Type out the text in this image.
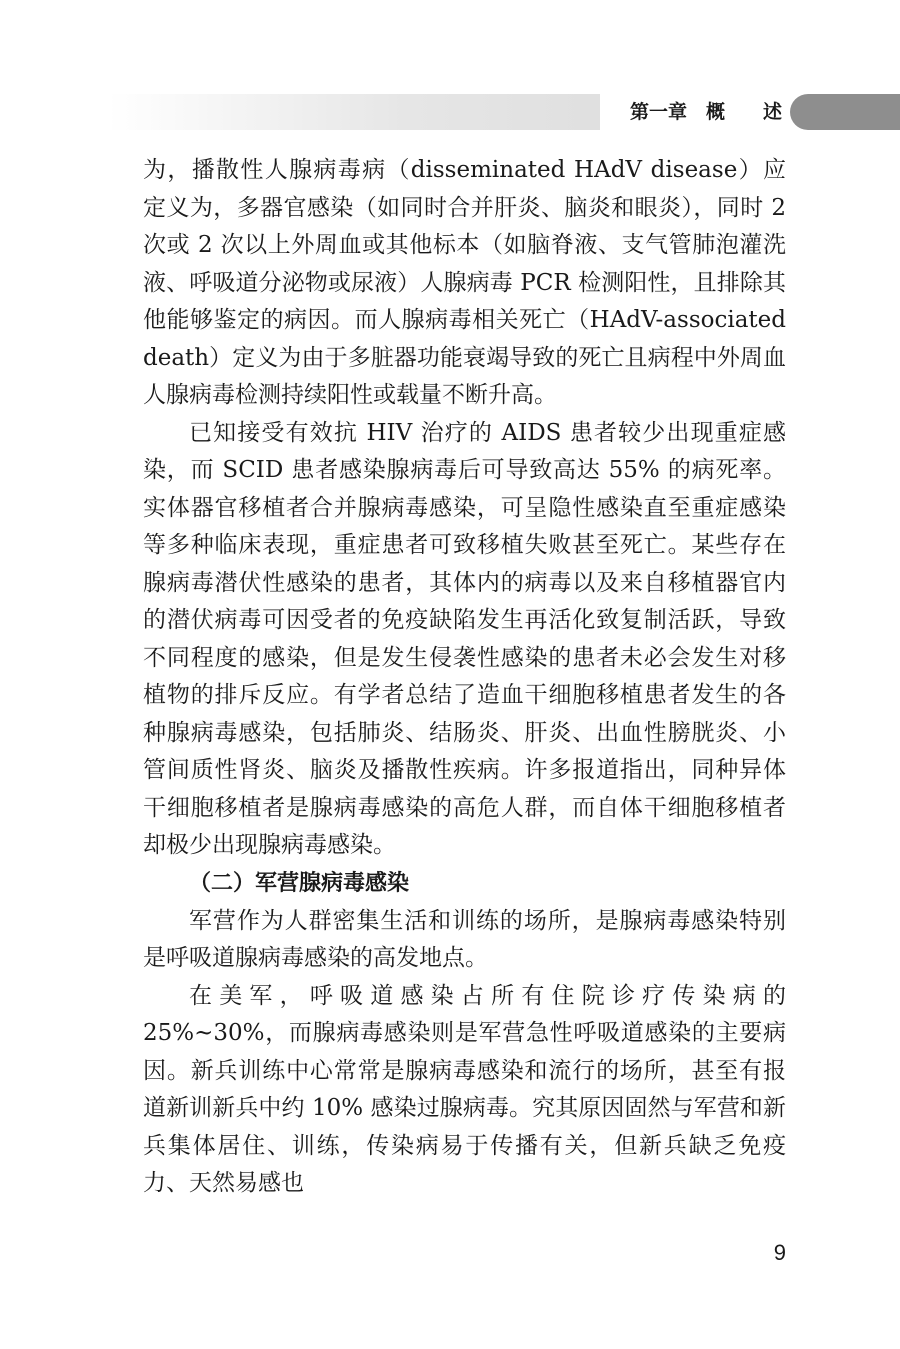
第一章　概　　述

为，播散性人腺病毒病（disseminated HAdV disease）应定义为，多器官感染（如同时合并肝炎、脑炎和眼炎），同时 2 次或 2 次以上外周血或其他标本（如脑脊液、支气管肺泡灌洗液、呼吸道分泌物或尿液）人腺病毒 PCR 检测阳性，且排除其他能够鉴定的病因。而人腺病毒相关死亡（HAdV-associated death）定义为由于多脏器功能衰竭导致的死亡且病程中外周血人腺病毒检测持续阳性或载量不断升高。

已知接受有效抗 HIV 治疗的 AIDS 患者较少出现重症感染，而 SCID 患者感染腺病毒后可导致高达 55% 的病死率。实体器官移植者合并腺病毒感染，可呈隐性感染直至重症感染等多种临床表现，重症患者可致移植失败甚至死亡。某些存在腺病毒潜伏性感染的患者，其体内的病毒以及来自移植器官内的潜伏病毒可因受者的免疫缺陷发生再活化致复制活跃，导致不同程度的感染，但是发生侵袭性感染的患者未必会发生对移植物的排斥反应。有学者总结了造血干细胞移植患者发生的各种腺病毒感染，包括肺炎、结肠炎、肝炎、出血性膀胱炎、小管间质性肾炎、脑炎及播散性疾病。许多报道指出，同种异体干细胞移植者是腺病毒感染的高危人群，而自体干细胞移植者却极少出现腺病毒感染。

（二）军营腺病毒感染

军营作为人群密集生活和训练的场所，是腺病毒感染特别是呼吸道腺病毒感染的高发地点。

在美军，呼吸道感染占所有住院诊疗传染病的 25%~30%，而腺病毒感染则是军营急性呼吸道感染的主要病因。新兵训练中心常常是腺病毒感染和流行的场所，甚至有报道新训新兵中约 10% 感染过腺病毒。究其原因固然与军营和新兵集体居住、训练，传染病易于传播有关，但新兵缺乏免疫力、天然易感也

9
